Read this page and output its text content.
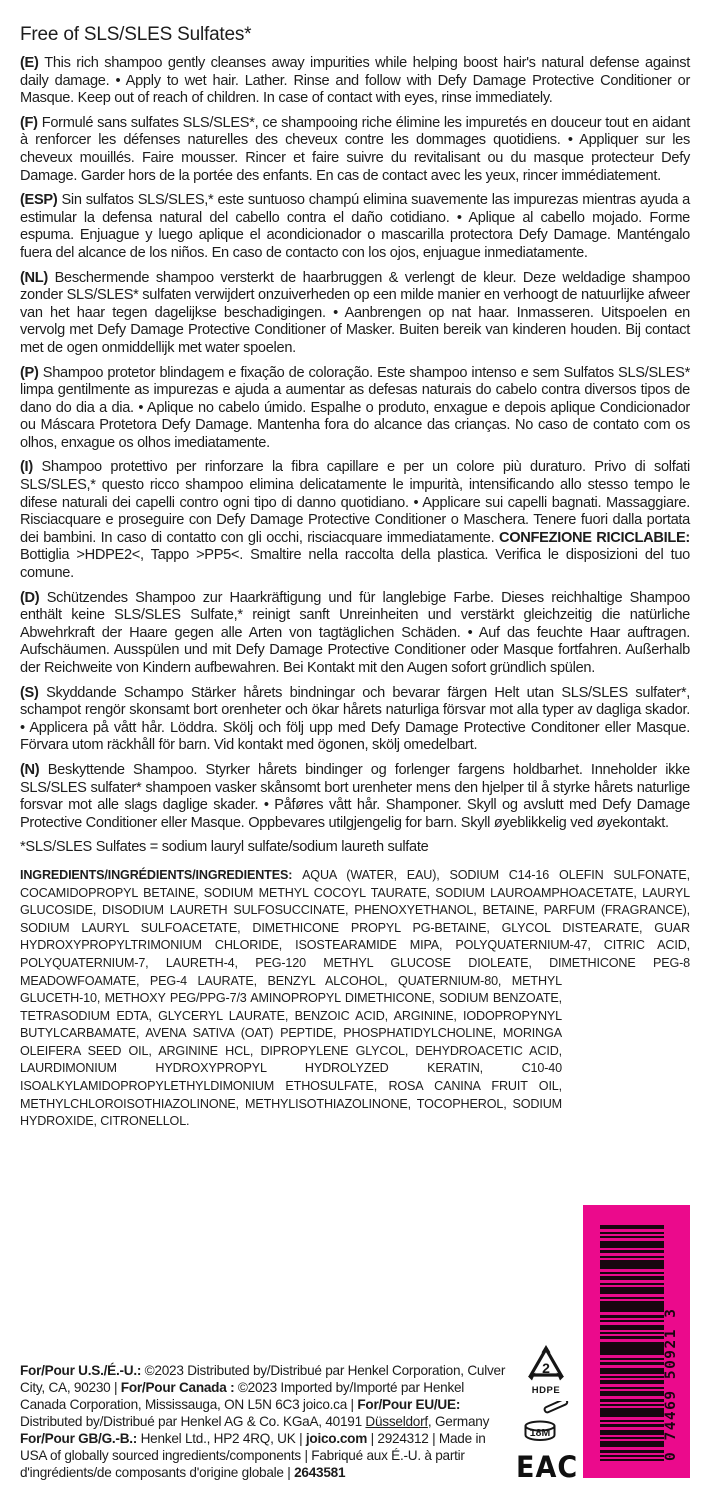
Free of SLS/SLES Sulfates*

(E) This rich shampoo gently cleanses away impurities while helping boost hair's natural defense against daily damage. • Apply to wet hair. Lather. Rinse and follow with Defy Damage Protective Conditioner or Masque. Keep out of reach of children. In case of contact with eyes, rinse immediately.

(F) Formulé sans sulfates SLS/SLES*, ce shampooing riche élimine les impuretés en douceur tout en aidant à renforcer les défenses naturelles des cheveux contre les dommages quotidiens. • Appliquer sur les cheveux mouillés. Faire mousser. Rincer et faire suivre du revitalisant ou du masque protecteur Defy Damage. Garder hors de la portée des enfants. En cas de contact avec les yeux, rincer immédiatement.

(ESP) Sin sulfatos SLS/SLES,* este suntuoso champú elimina suavemente las impurezas mientras ayuda a estimular la defensa natural del cabello contra el daño cotidiano. • Aplique al cabello mojado. Forme espuma. Enjuague y luego aplique el acondicionador o mascarilla protectora Defy Damage. Manténgalo fuera del alcance de los niños. En caso de contacto con los ojos, enjuague inmediatamente.

(NL) Beschermende shampoo versterkt de haarbruggen & verlengt de kleur. Deze weldadige shampoo zonder SLS/SLES* sulfaten verwijdert onzuiverheden op een milde manier en verhoogt de natuurlijke afweer van het haar tegen dagelijkse beschadigingen. • Aanbrengen op nat haar. Inmasseren. Uitspoelen en vervolg met Defy Damage Protective Conditioner of Masker. Buiten bereik van kinderen houden. Bij contact met de ogen onmiddellijk met water spoelen.

(P) Shampoo protetor blindagem e fixação de coloração. Este shampoo intenso e sem Sulfatos SLS/SLES* limpa gentilmente as impurezas e ajuda a aumentar as defesas naturais do cabelo contra diversos tipos de dano do dia a dia. • Aplique no cabelo úmido. Espalhe o produto, enxague e depois aplique Condicionador ou Máscara Protetora Defy Damage. Mantenha fora do alcance das crianças. No caso de contato com os olhos, enxague os olhos imediatamente.

(I) Shampoo protettivo per rinforzare la fibra capillare e per un colore più duraturo. Privo di solfati SLS/SLES,* questo ricco shampoo elimina delicatamente le impurità, intensificando allo stesso tempo le difese naturali dei capelli contro ogni tipo di danno quotidiano. • Applicare sui capelli bagnati. Massaggiare. Risciacquare e proseguire con Defy Damage Protective Conditioner o Maschera. Tenere fuori dalla portata dei bambini. In caso di contatto con gli occhi, risciacquare immediatamente. CONFEZIONE RICICLABILE: Bottiglia >HDPE2<, Tappo >PP5<. Smaltire nella raccolta della plastica. Verifica le disposizioni del tuo comune.

(D) Schützendes Shampoo zur Haarkräftigung und für langlebige Farbe. Dieses reichhaltige Shampoo enthält keine SLS/SLES Sulfate,* reinigt sanft Unreinheiten und verstärkt gleichzeitig die natürliche Abwehrkraft der Haare gegen alle Arten von tagtäglichen Schäden. • Auf das feuchte Haar auftragen. Aufschäumen. Ausspülen und mit Defy Damage Protective Conditioner oder Masque fortfahren. Außerhalb der Reichweite von Kindern aufbewahren. Bei Kontakt mit den Augen sofort gründlich spülen.

(S) Skyddande Schampo Stärker hårets bindningar och bevarar färgen Helt utan SLS/SLES sulfater*, schampot rengör skonsamt bort orenheter och ökar hårets naturliga försvar mot alla typer av dagliga skador. • Applicera på vått hår. Löddra. Skölj och följ upp med Defy Damage Protective Conditoner eller Masque. Förvara utom räckhåll för barn. Vid kontakt med ögonen, skölj omedelbart.

(N) Beskyttende Shampoo. Styrker hårets bindinger og forlenger fargens holdbarhet. Inneholder ikke SLS/SLES sulfater* shampoen vasker skånsomt bort urenheter mens den hjelper til å styrke hårets naturlige forsvar mot alle slags daglige skader. • Påføres vått hår. Shamponer. Skyll og avslutt med Defy Damage Protective Conditioner eller Masque. Oppbevares utilgjengelig for barn. Skyll øyeblikkelig ved øyekontakt.

*SLS/SLES Sulfates = sodium lauryl sulfate/sodium laureth sulfate

INGREDIENTS/INGRÉDIENTS/INGREDIENTES: AQUA (WATER, EAU), SODIUM C14-16 OLEFIN SULFONATE, COCAMIDOPROPYL BETAINE, SODIUM METHYL COCOYL TAURATE, SODIUM LAUROAMPHOACETATE, LAURYL GLUCOSIDE, DISODIUM LAURETH SULFOSUCCINATE, PHENOXYETHANOL, BETAINE, PARFUM (FRAGRANCE), SODIUM LAURYL SULFOACETATE, DIMETHICONE PROPYL PG-BETAINE, GLYCOL DISTEARATE, GUAR HYDROXYPROPYLTRIMONIUM CHLORIDE, ISOSTEARAMIDE MIPA, POLYQUATERNIUM-47, CITRIC ACID, POLYQUATERNIUM-7, LAURETH-4, PEG-120 METHYL GLUCOSE DIOLEATE, DIMETHICONE PEG-8 MEADOWFOAMATE, PEG-4 LAURATE, BENZYL ALCOHOL, QUATERNIUM-80, METHYL GLUCETH-10, METHOXY PEG/PPG-7/3 AMINOPROPYL DIMETHICONE, SODIUM BENZOATE, TETRASODIUM EDTA, GLYCERYL LAURATE, BENZOIC ACID, ARGININE, IODOPROPYNYL BUTYLCARBAMATE, AVENA SATIVA (OAT) PEPTIDE, PHOSPHATIDYLCHOLINE, MORINGA OLEIFERA SEED OIL, ARGININE HCL, DIPROPYLENE GLYCOL, DEHYDROACETIC ACID, LAURDIMONIUM HYDROXYPROPYL HYDROLYZED KERATIN, C10-40 ISOALKYLAMIDOPROPYLETHYLDIMONIUM ETHOSULFATE, ROSA CANINA FRUIT OIL, METHYLCHLOROISOTHIAZOLINONE, METHYLISOTHIAZOLINONE, TOCOPHEROL, SODIUM HYDROXIDE, CITRONELLOL.

For/Pour U.S./É.-U.: ©2023 Distributed by/Distribué par Henkel Corporation, Culver City, CA, 90230 | For/Pour Canada : ©2023 Imported by/Importé par Henkel Canada Corporation, Mississauga, ON L5N 6C3 joico.ca | For/Pour EU/UE: Distributed by/Distribué par Henkel AG & Co. KGaA, 40191 Düsseldorf, Germany For/Pour GB/G.-B.: Henkel Ltd., HP2 4RQ, UK | joico.com | 2924312 | Made in USA of globally sourced ingredients/components | Fabriqué aux É.-U. à partir d'ingrédients/de composants d'origine globale | 2643581

0 74469 50921 3
2
HDPE
18M
EAC
